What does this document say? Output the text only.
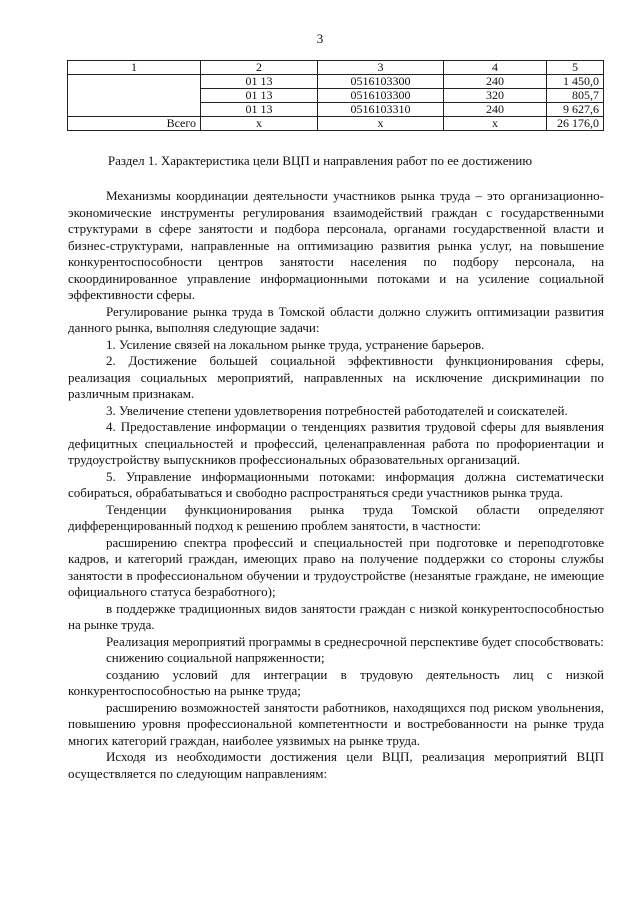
3
1	2	3	4	5
	01 13	0516103300	240	1 450,0
	01 13	0516103300	320	805,7
	01 13	0516103310	240	9 627,6
Всего	x	x	x	26 176,0
Раздел 1. Характеристика цели ВЦП и направления работ по ее достижению

Механизмы координации деятельности участников рынка труда – это организационно-экономические инструменты регулирования взаимодействий граждан с государственными структурами в сфере занятости и подбора персонала, органами государственной власти и бизнес-структурами, направленные на оптимизацию развития рынка услуг, на повышение конкурентоспособности центров занятости населения по подбору персонала, на скоординированное управление информационными потоками и на усиление социальной эффективности сферы.

Регулирование рынка труда в Томской области должно служить оптимизации развития данного рынка, выполняя следующие задачи:

1. Усиление связей на локальном рынке труда, устранение барьеров.

2. Достижение большей социальной эффективности функционирования сферы, реализация социальных мероприятий, направленных на исключение дискриминации по различным признакам.

3. Увеличение степени удовлетворения потребностей работодателей и соискателей.

4. Предоставление информации о тенденциях развития трудовой сферы для выявления дефицитных специальностей и профессий, целенаправленная работа по профориентации и трудоустройству выпускников профессиональных образовательных организаций.

5. Управление информационными потоками: информация должна систематически собираться, обрабатываться и свободно распространяться среди участников рынка труда.

Тенденции функционирования рынка труда Томской области определяют дифференцированный подход к решению проблем занятости, в частности:

расширению спектра профессий и специальностей при подготовке и переподготовке кадров, и категорий граждан, имеющих право на получение поддержки со стороны службы занятости в профессиональном обучении и трудоустройстве (незанятые граждане, не имеющие официального статуса безработного);

в поддержке традиционных видов занятости граждан с низкой конкурентоспособностью на рынке труда.

Реализация мероприятий программы в среднесрочной перспективе будет способствовать:

снижению социальной напряженности;

созданию условий для интеграции в трудовую деятельность лиц с низкой конкурентоспособностью на рынке труда;

расширению возможностей занятости работников, находящихся под риском увольнения, повышению уровня профессиональной компетентности и востребованности на рынке труда многих категорий граждан, наиболее уязвимых на рынке труда.

Исходя из необходимости достижения цели ВЦП, реализация мероприятий ВЦП осуществляется по следующим направлениям:
